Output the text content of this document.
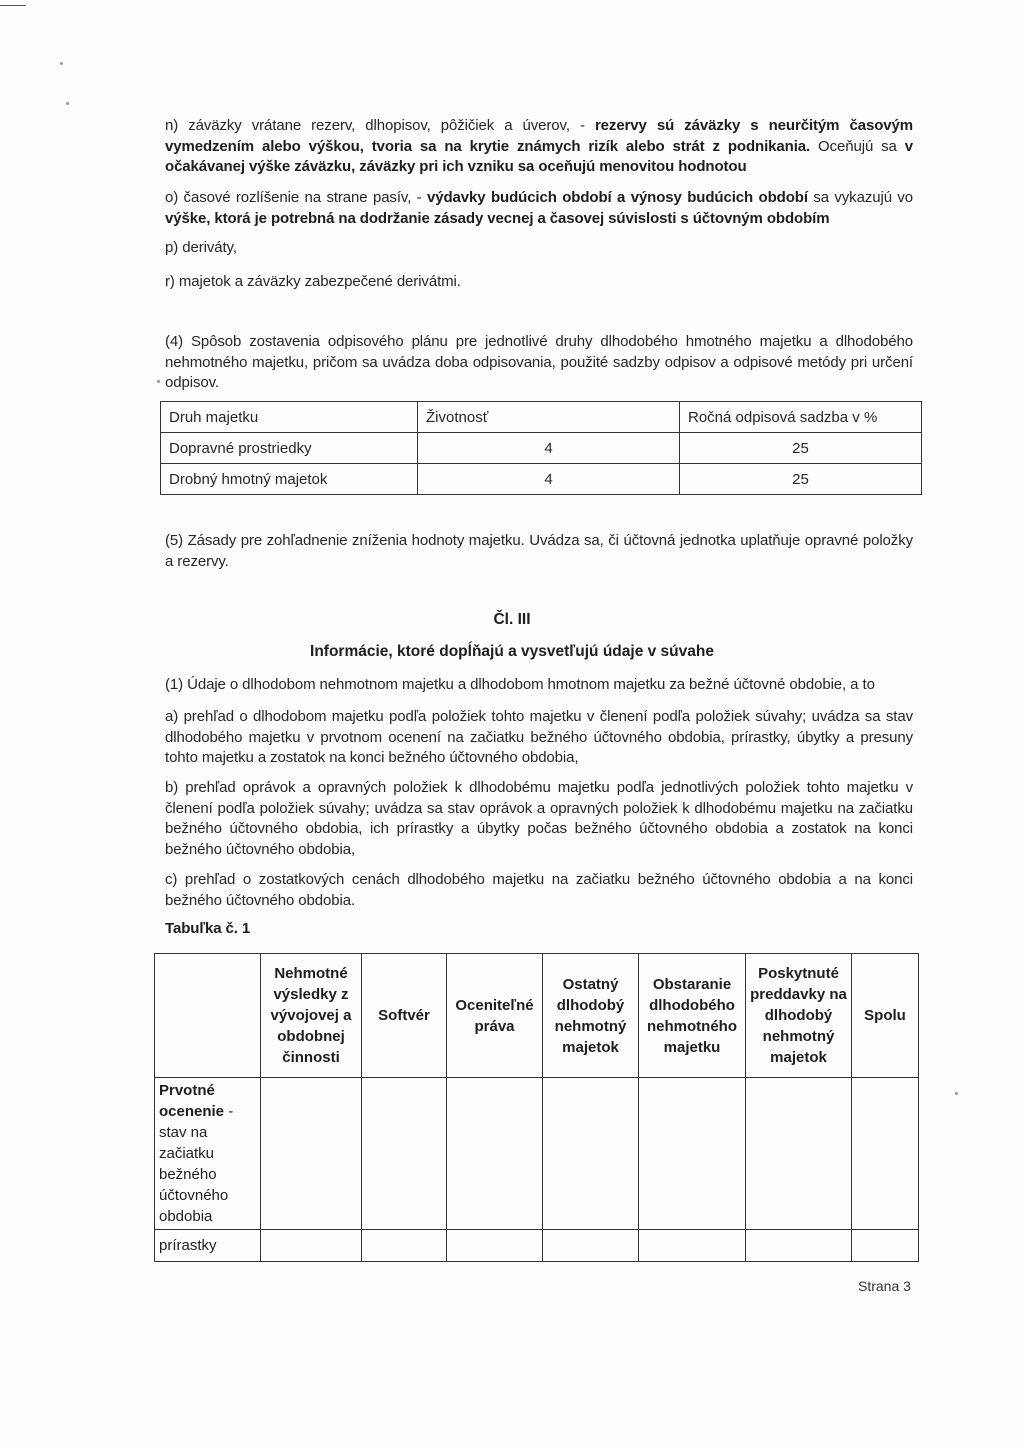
n) záväzky vrátane rezerv, dlhopisov, pôžičiek a úverov, - rezervy sú záväzky s neurčitým časovým vymedzením alebo výškou, tvoria sa na krytie známych rizík alebo strát z podnikania. Oceňujú sa v očakávanej výške záväzku, záväzky pri ich vzniku sa oceňujú menovitou hodnotou
o) časové rozlíšenie na strane pasív, - výdavky budúcich období a výnosy budúcich období sa vykazujú vo výške, ktorá je potrebná na dodržanie zásady vecnej a časovej súvislosti s účtovným obdobím
p) deriváty,
r) majetok a záväzky zabezpečené derivátmi.
(4) Spôsob zostavenia odpisového plánu pre jednotlivé druhy dlhodobého hmotného majetku a dlhodobého nehmotného majetku, pričom sa uvádza doba odpisovania, použité sadzby odpisov a odpisové metódy pri určení odpisov.
Druh majetku	Životnosť	Ročná odpisová sadzba v %
Dopravné prostriedky	4	25
Drobný hmotný majetok	4	25
(5) Zásady pre zohľadnenie zníženia hodnoty majetku. Uvádza sa, či účtovná jednotka uplatňuje opravné položky a rezervy.
Čl. III
Informácie, ktoré dopĺňajú a vysvetľujú údaje v súvahe
(1) Údaje o dlhodobom nehmotnom majetku a dlhodobom hmotnom majetku za bežné účtovné obdobie, a to
a) prehľad o dlhodobom majetku podľa položiek tohto majetku v členení podľa položiek súvahy; uvádza sa stav dlhodobého majetku v prvotnom ocenení na začiatku bežného účtovného obdobia, prírastky, úbytky a presuny tohto majetku a zostatok na konci bežného účtovného obdobia,
b) prehľad oprávok a opravných položiek k dlhodobému majetku podľa jednotlivých položiek tohto majetku v členení podľa položiek súvahy; uvádza sa stav oprávok a opravných položiek k dlhodobému majetku na začiatku bežného účtovného obdobia, ich prírastky a úbytky počas bežného účtovného obdobia a zostatok na konci bežného účtovného obdobia,
c) prehľad o zostatkových cenách dlhodobého majetku na začiatku bežného účtovného obdobia a na konci bežného účtovného obdobia.
Tabuľka č. 1
	Nehmotné výsledky z vývojovej a obdobnej činnosti	Softvér	Oceniteľné práva	Ostatný dlhodobý nehmotný majetok	Obstaranie dlhodobého nehmotného majetku	Poskytnuté preddavky na dlhodobý nehmotný majetok	Spolu
Prvotné ocenenie - stav na začiatku bežného účtovného obdobia							
prírastky							
Strana 3
